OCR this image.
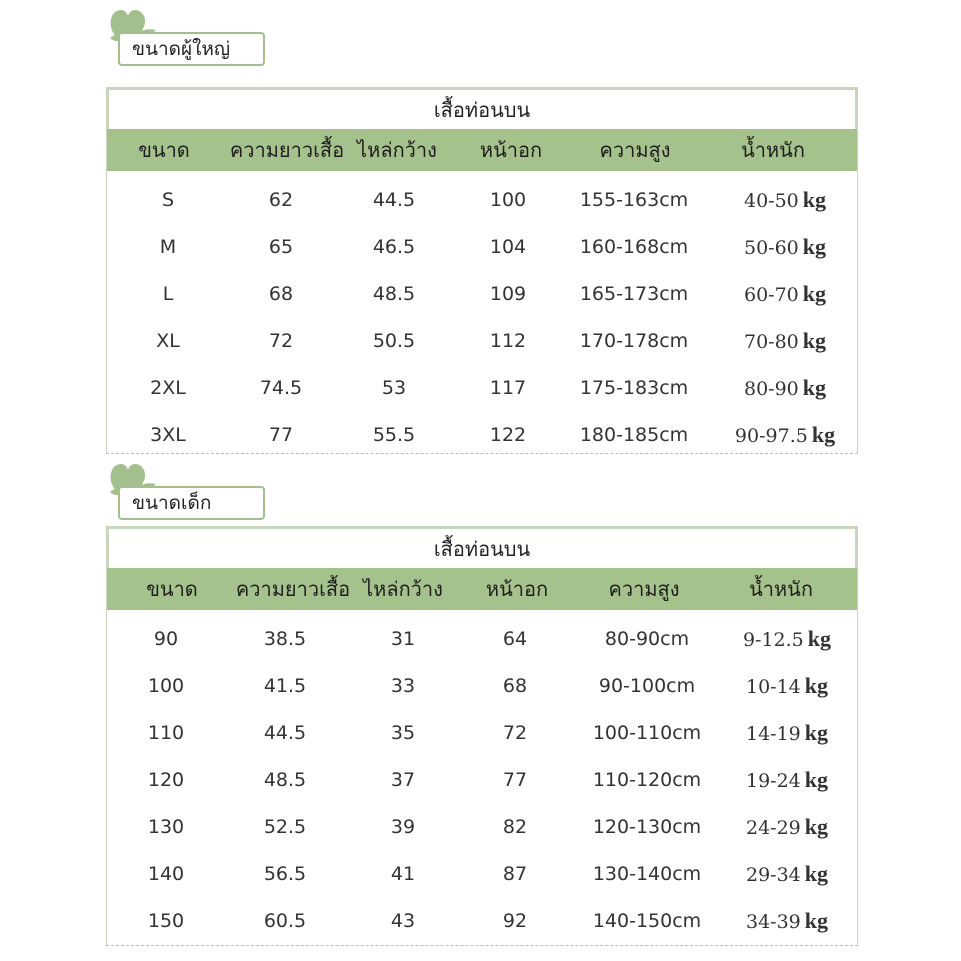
ขนาดผู้ใหญ่
เสื้อท่อนบน
ขนาด ความยาวเสื้อ ไหล่กว้าง หน้าอก	ความสูง	น้ำหนัก
S	62	44.5	100	155-163cm	40-50 kg
M	65	46.5	104	160-168cm	50-60 kg
L	68	48.5	109	165-173cm	60-70 kg
XL	72	50.5	112	170-178cm	70-80 kg
2XL	74.5	53	117	175-183cm	80-90 kg
3XL	77	55.5	122	180-185cm 90-97.5 kg
ขนาดเด็ก
เสื้อท่อนบน
ขนาด ความยาวเสื้อ ไหล่กว้าง หน้าอก	ความสูง	น้ำหนัก
90	38.5	31	64	80-90cm	9-12.5 kg
100	41.5	33	68	90-100cm	10-14 kg
110	44.5	35	72	100-110cm 14-19 kg
120	48.5	37	77	110-120cm 19-24 kg
130	52.5	39	82	120-130cm 24-29 kg
140	56.5	41	87	130-140cm 29-34 kg
150	60.5	43	92	140-150cm 34-39 kg
